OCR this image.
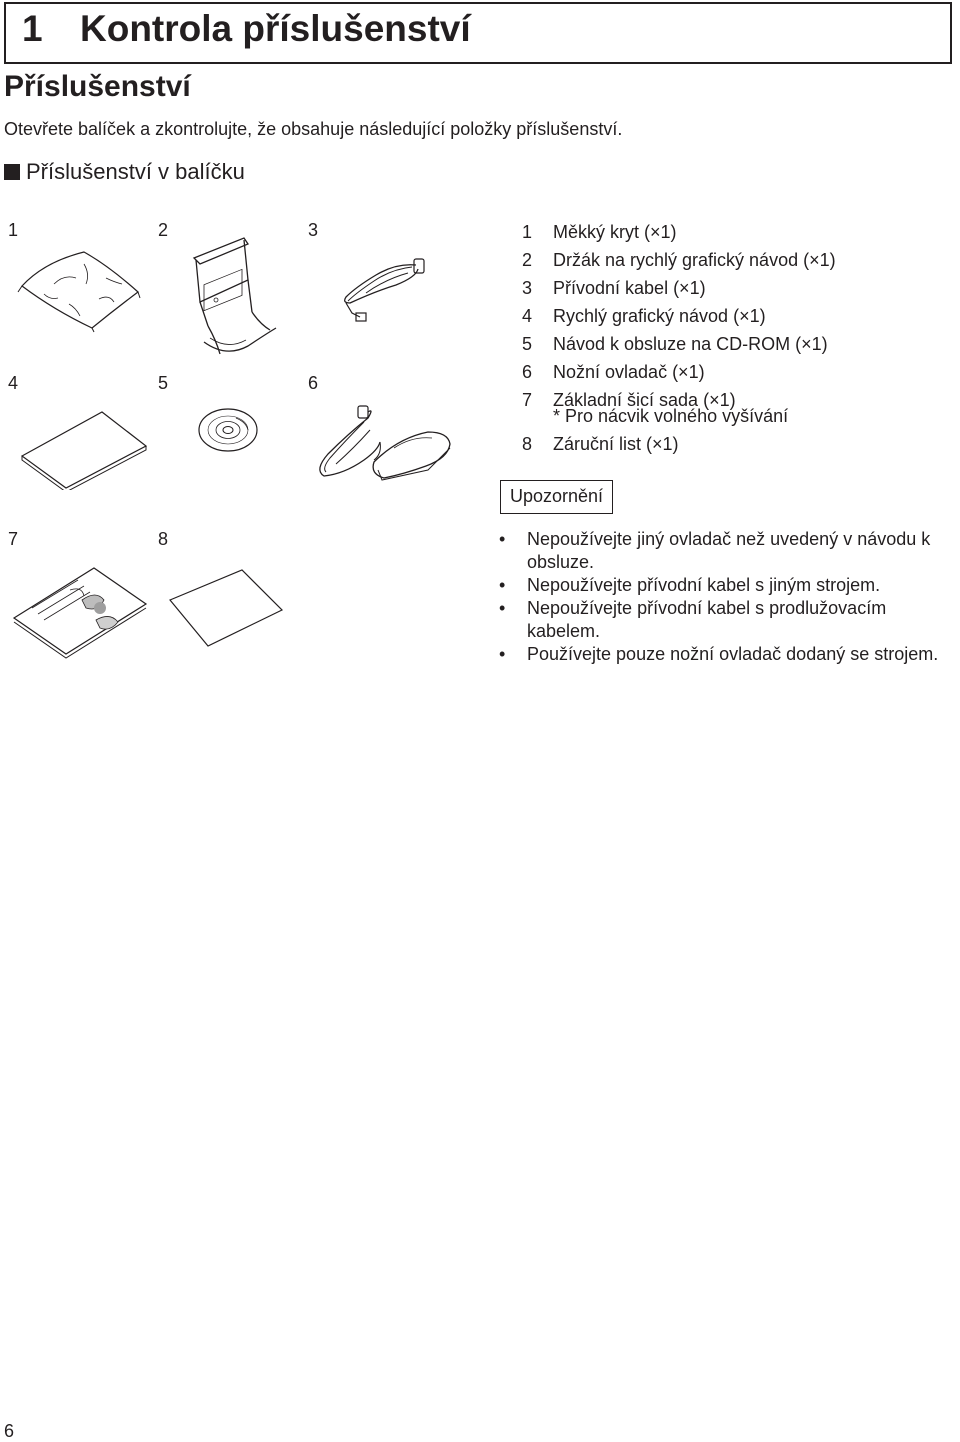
1 Kontrola příslušenství
Příslušenství
Otevřete balíček a zkontrolujte, že obsahuje následující položky příslušenství.
Příslušenství v balíčku
1	2	3
4	5	6
7	8
1	Měkký kryt (×1)
2	Držák na rychlý grafický návod (×1)
3	Přívodní kabel (×1)
4	Rychlý grafický návod (×1)
5	Návod k obsluze na CD-ROM (×1)
6	Nožní ovladač (×1)
7	Základní šicí sada (×1)
* Pro nácvik volného vyšívání
8	Záruční list (×1)
Upozornění
•	Nepoužívejte jiný ovladač než uvedený v návodu k obsluze.
•	Nepoužívejte přívodní kabel s jiným strojem.
•	Nepoužívejte přívodní kabel s prodlužovacím kabelem.
•	Používejte pouze nožní ovladač dodaný se strojem.
6
